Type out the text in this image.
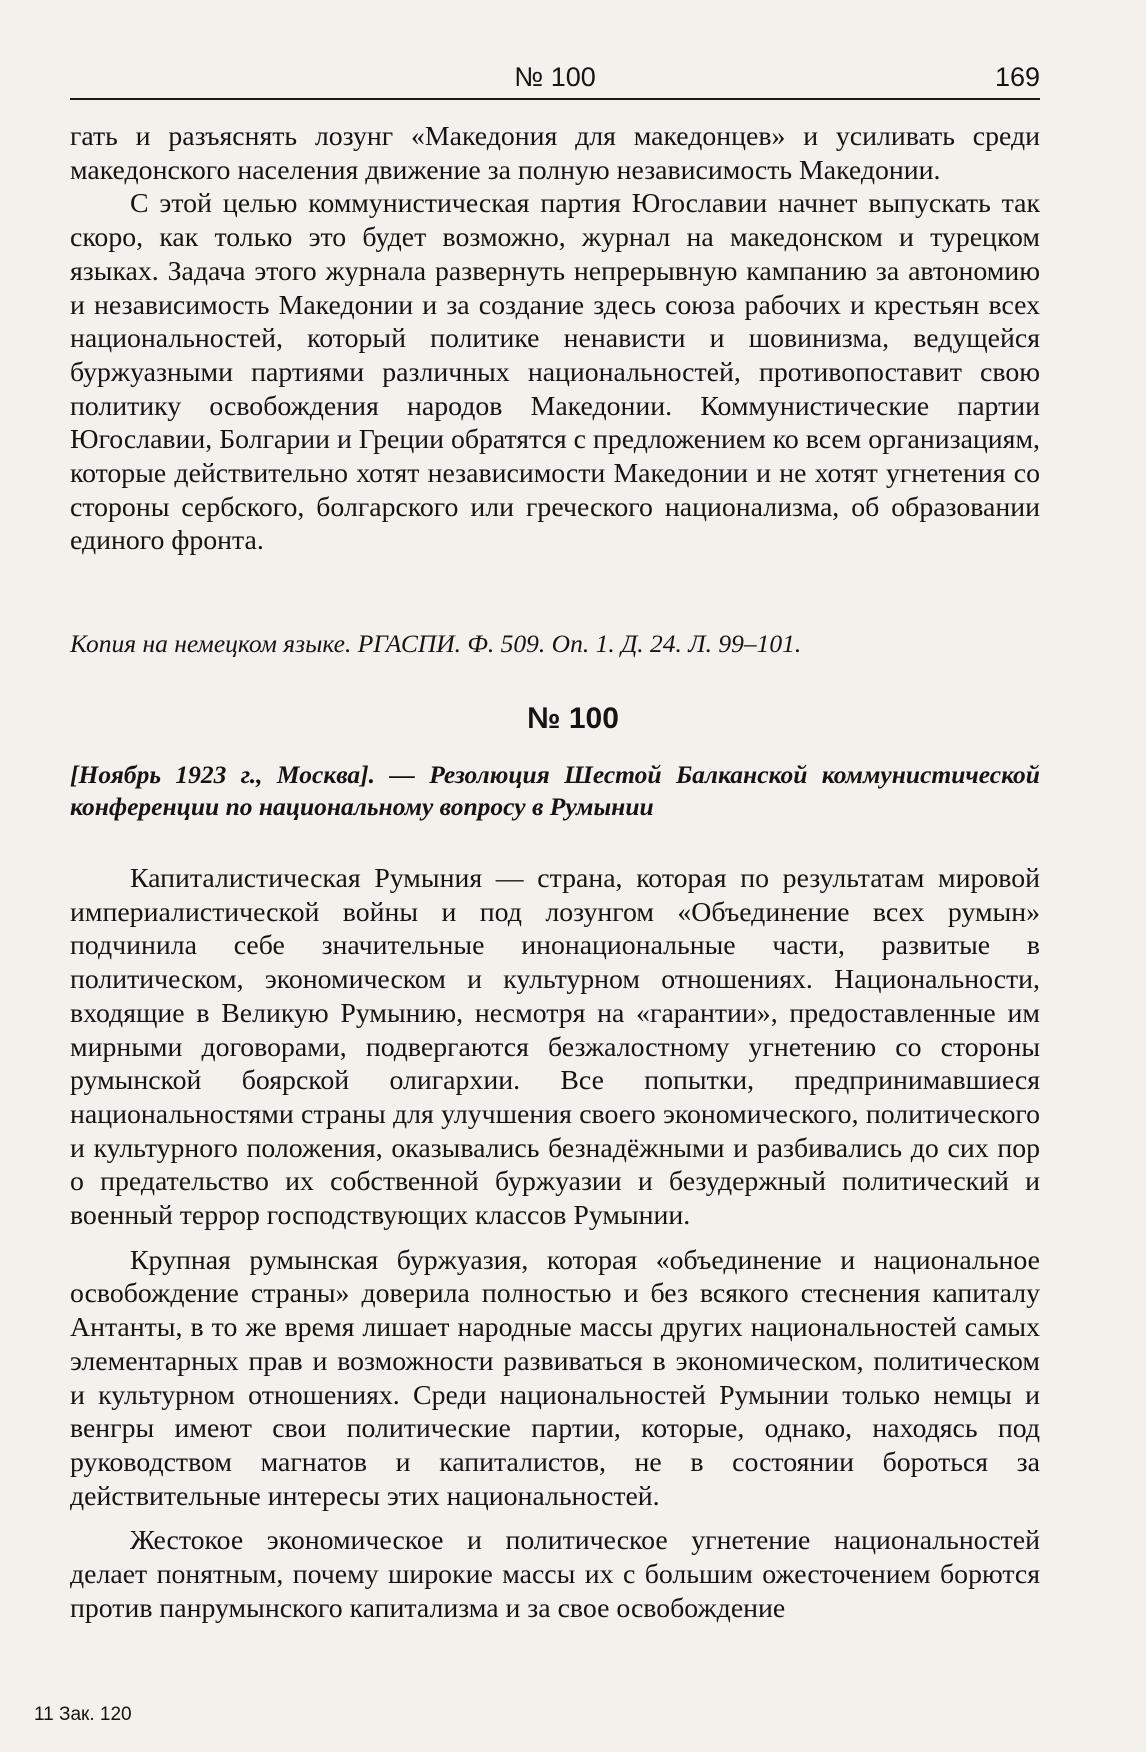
№ 100	169

гать и разъяснять лозунг «Македония для македонцев» и усиливать среди македонского населения движение за полную независимость Македонии.

С этой целью коммунистическая партия Югославии начнет выпускать так скоро, как только это будет возможно, журнал на македонском и турецком языках. Задача этого журнала развернуть непрерывную кампанию за автономию и независимость Македонии и за создание здесь союза рабочих и крестьян всех национальностей, который политике ненависти и шовинизма, ведущейся буржуазными партиями различных национальностей, противопоставит свою политику освобождения народов Македонии. Коммунистические партии Югославии, Болгарии и Греции обратятся с предложением ко всем организациям, которые действительно хотят независимости Македонии и не хотят угнетения со стороны сербского, болгарского или греческого национализма, об образовании единого фронта.

Копия на немецком языке. РГАСПИ. Ф. 509. Оп. 1. Д. 24. Л. 99–101.
№ 100
[Ноябрь 1923 г., Москва]. — Резолюция Шестой Балканской коммунистической конференции по национальному вопросу в Румынии

Капиталистическая Румыния — страна, которая по результатам мировой империалистической войны и под лозунгом «Объединение всех румын» подчинила себе значительные инонациональные части, развитые в политическом, экономическом и культурном отношениях. Национальности, входящие в Великую Румынию, несмотря на «гарантии», предоставленные им мирными договорами, подвергаются безжалостному угнетению со стороны румынской боярской олигархии. Все попытки, предпринимавшиеся национальностями страны для улучшения своего экономического, политического и культурного положения, оказывались безнадёжными и разбивались до сих пор о предательство их собственной буржуазии и безудержный политический и военный террор господствующих классов Румынии.

Крупная румынская буржуазия, которая «объединение и национальное освобождение страны» доверила полностью и без всякого стеснения капиталу Антанты, в то же время лишает народные массы других национальностей самых элементарных прав и возможности развиваться в экономическом, политическом и культурном отношениях. Среди национальностей Румынии только немцы и венгры имеют свои политические партии, которые, однако, находясь под руководством магнатов и капиталистов, не в состоянии бороться за действительные интересы этих национальностей.

Жестокое экономическое и политическое угнетение национальностей делает понятным, почему широкие массы их с большим ожесточением борются против панрумынского капитализма и за свое освобождение

11 Зак. 120
